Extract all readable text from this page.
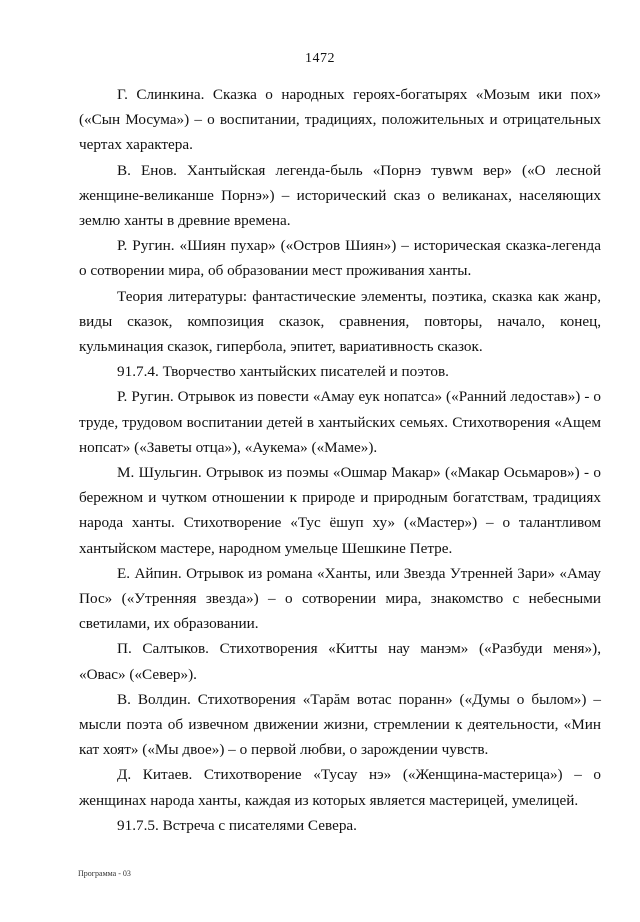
1472

Г. Слинкина. Сказка о народных героях-богатырях «Мозым ики пох» («Сын Мосума») – о воспитании, традициях, положительных и отрицательных чертах характера.

В. Енов. Хантыйская легенда-быль «Порнэ тувwм вер» («О лесной женщине-великанше Порнэ») – исторический сказ о великанах, населяющих землю ханты в древние времена.

Р. Ругин. «Шиян пухар» («Остров Шиян») – историческая сказка-легенда о сотворении мира, об образовании мест проживания ханты.

Теория литературы: фантастические элементы, поэтика, сказка как жанр, виды сказок, композиция сказок, сравнения, повторы, начало, конец, кульминация сказок, гипербола, эпитет, вариативность сказок.

91.7.4. Творчество хантыйских писателей и поэтов.

Р. Ругин. Отрывок из повести «Амау еук нопатса» («Ранний ледостав») - о труде, трудовом воспитании детей в хантыйских семьях. Стихотворения «Ащем нопсат» («Заветы отца»), «Аукема» («Маме»).

М. Шульгин. Отрывок из поэмы «Ошмар Макар» («Макар Осьмаров») - о бережном и чутком отношении к природе и природным богатствам, традициях народа ханты. Стихотворение «Тус ёшуп ху» («Мастер») – о талантливом хантыйском мастере, народном умельце Шешкине Петре.

Е. Айпин. Отрывок из романа «Ханты, или Звезда Утренней Зари» «Амау Пос» («Утренняя звезда») – о сотворении мира, знакомство с небесными светилами, их образовании.

П. Салтыков. Стихотворения «Китты нау манэм» («Разбуди меня»), «Овас» («Север»).

В. Волдин. Стихотворения «Тарăм вотас поранн» («Думы о былом») – мысли поэта об извечном движении жизни, стремлении к деятельности, «Мин кат хоят» («Мы двое») – о первой любви, о зарождении чувств.

Д. Китаев. Стихотворение «Тусау нэ» («Женщина-мастерица») – о женщинах народа ханты, каждая из которых является мастерицей, умелицей.

91.7.5. Встреча с писателями Севера.

Программа - 03
